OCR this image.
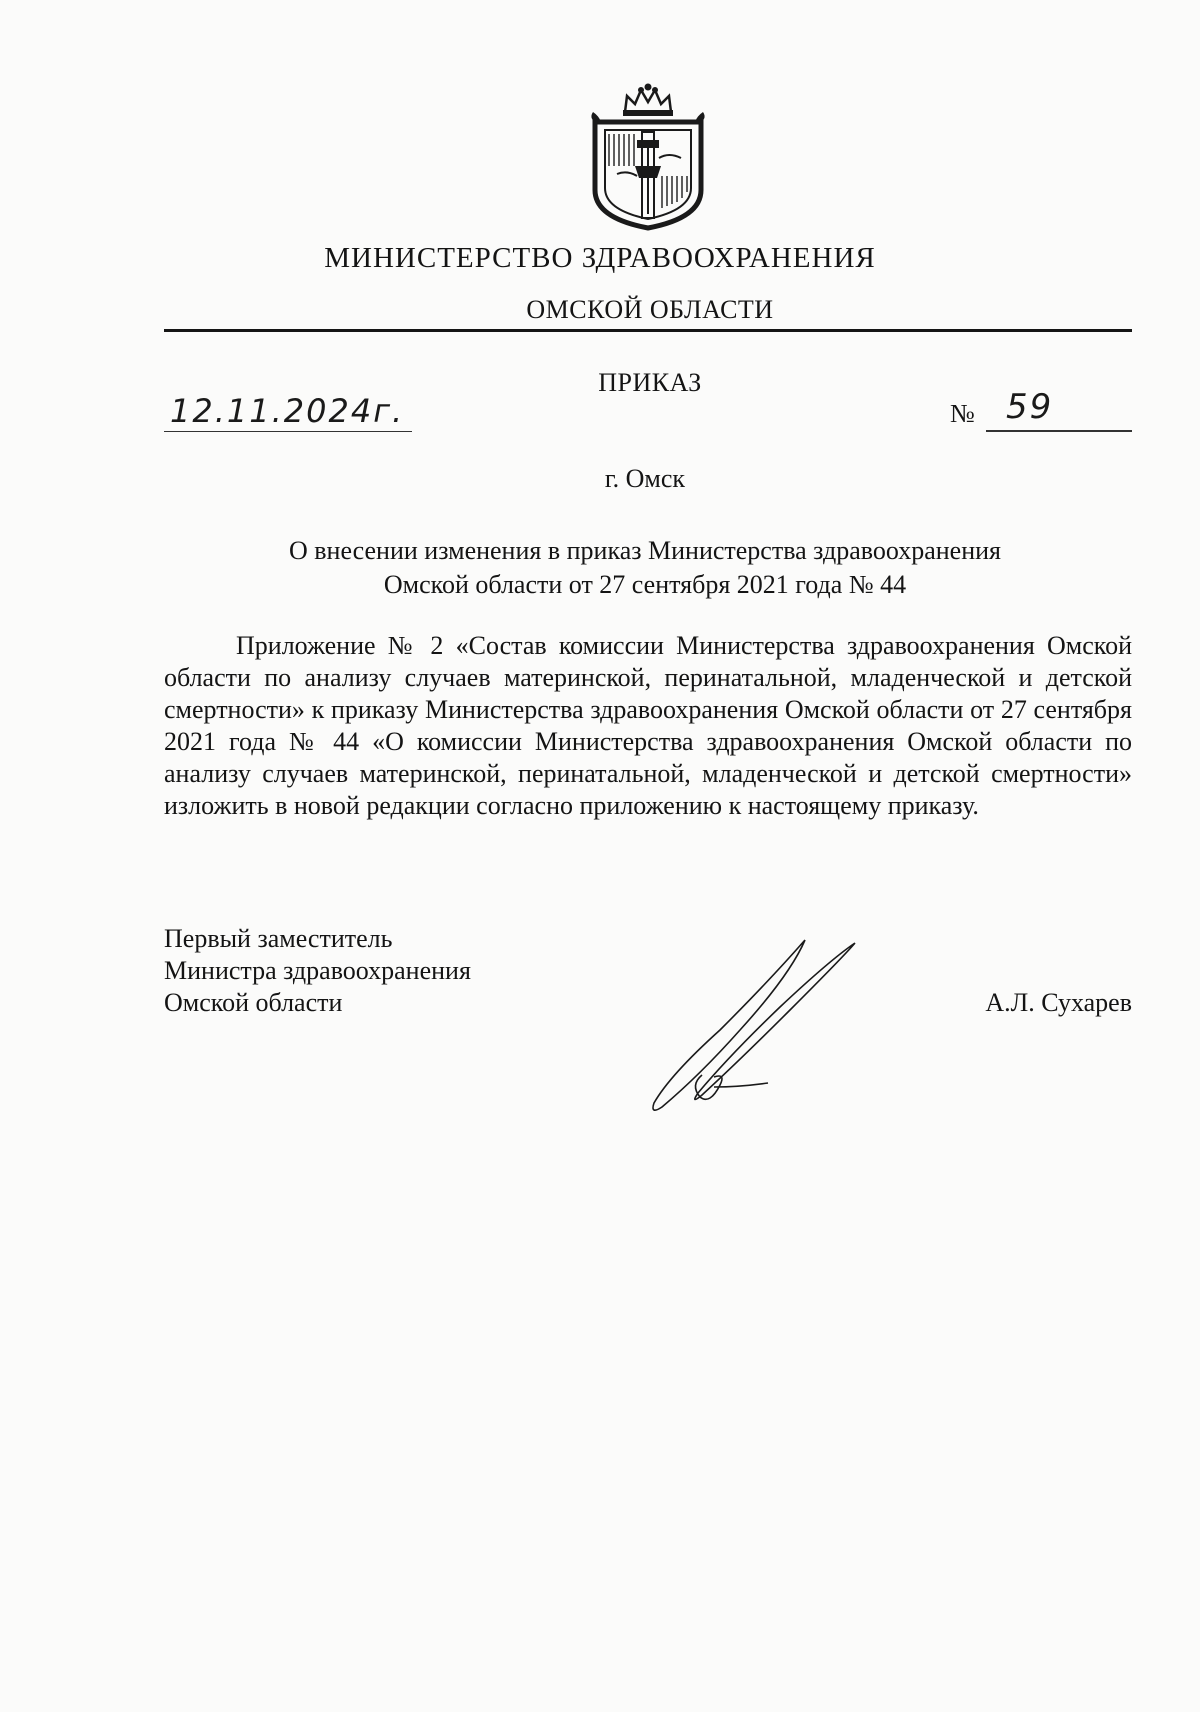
МИНИСТЕРСТВО ЗДРАВООХРАНЕНИЯ
ОМСКОЙ ОБЛАСТИ
ПРИКАЗ
12.11.2024г.	№ 59
г. Омск
О внесении изменения в приказ Министерства здравоохранения
Омской области от 27 сентября 2021 года № 44

Приложение № 2 «Состав комиссии Министерства здравоохранения Омской области по анализу случаев материнской, перинатальной, младенческой и детской смертности» к приказу Министерства здравоохранения Омской области от 27 сентября 2021 года № 44 «О комиссии Министерства здравоохранения Омской области по анализу случаев материнской, перинатальной, младенческой и детской смертности» изложить в новой редакции согласно приложению к настоящему приказу.

Первый заместитель
Министра здравоохранения
Омской области	А.Л. Сухарев
